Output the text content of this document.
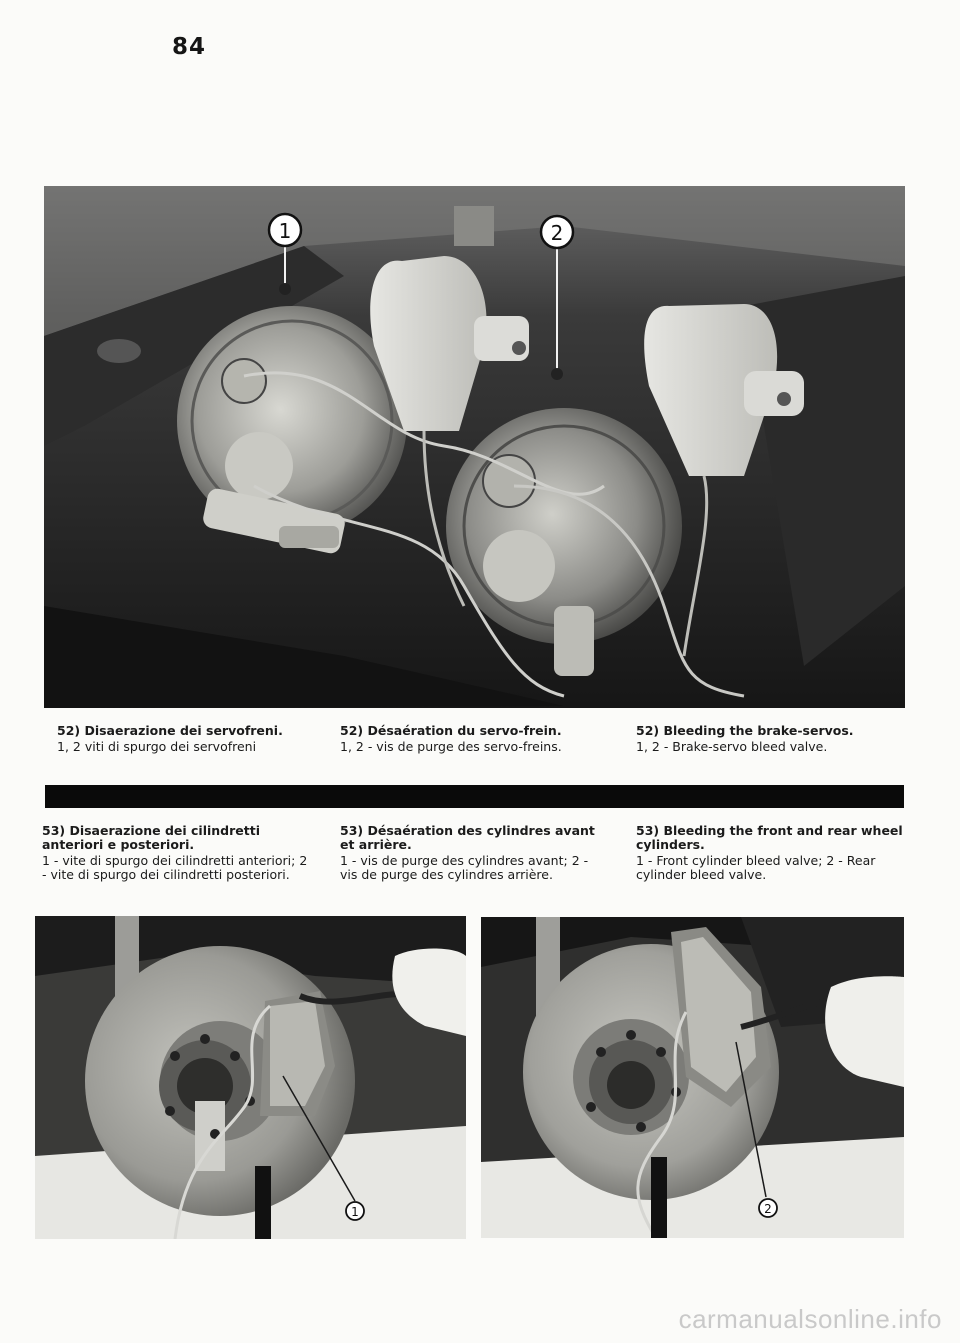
84
1	2
52) Disaerazione dei servofreni.
1, 2 viti di spurgo dei servofreni
52) Désaération du servo-frein.
1, 2 - vis de purge des servo-freins.
52) Bleeding the brake-servos.
1, 2 - Brake-servo bleed valve.
53) Disaerazione dei cilindretti anteriori e posteriori.
1 - vite di spurgo dei cilindretti anteriori; 2 - vite di spurgo dei cilindretti posteriori.
53) Désaération des cylindres avant et arrière.
1 - vis de purge des cylindres avant; 2 - vis de purge des cylindres arrière.
53) Bleeding the front and rear wheel cylinders.
1 - Front cylinder bleed valve; 2 - Rear cylinder bleed valve.
1	2
carmanualsonline.info
